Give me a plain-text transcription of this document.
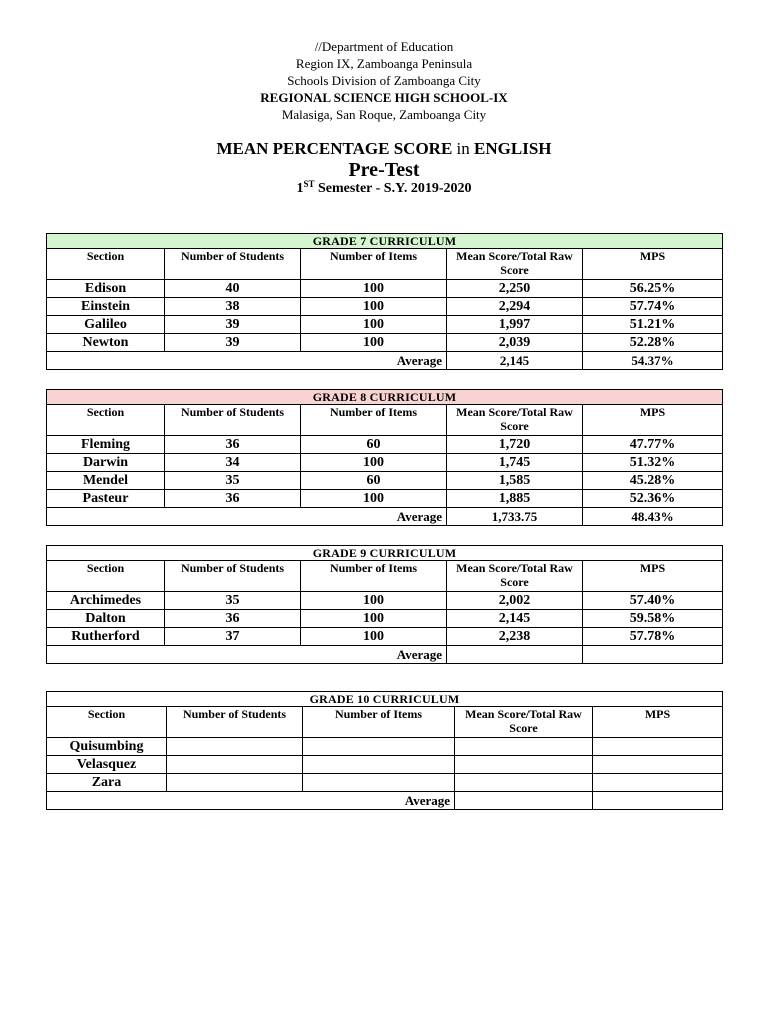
//Department of Education
Region IX, Zamboanga Peninsula
Schools Division of Zamboanga City
REGIONAL SCIENCE HIGH SCHOOL-IX
Malasiga, San Roque, Zamboanga City
MEAN PERCENTAGE SCORE in ENGLISH
Pre-Test
1ST Semester - S.Y. 2019-2020
GRADE 7 CURRICULUM				
Section	Number of Students	Number of Items	Mean Score/Total Raw Score	MPS
Edison	40	100	2,250	56.25%
Einstein	38	100	2,294	57.74%
Galileo	39	100	1,997	51.21%
Newton	39	100	2,039	52.28%
Average			2,145	54.37%
GRADE 8 CURRICULUM				
Section	Number of Students	Number of Items	Mean Score/Total Raw Score	MPS
Fleming	36	60	1,720	47.77%
Darwin	34	100	1,745	51.32%
Mendel	35	60	1,585	45.28%
Pasteur	36	100	1,885	52.36%
Average			1,733.75	48.43%
GRADE 9 CURRICULUM				
Section	Number of Students	Number of Items	Mean Score/Total Raw Score	MPS
Archimedes	35	100	2,002	57.40%
Dalton	36	100	2,145	59.58%
Rutherford	37	100	2,238	57.78%
Average				
GRADE 10 CURRICULUM				
Section	Number of Students	Number of Items	Mean Score/Total Raw Score	MPS
Quisumbing				
Velasquez				
Zara				
Average				
